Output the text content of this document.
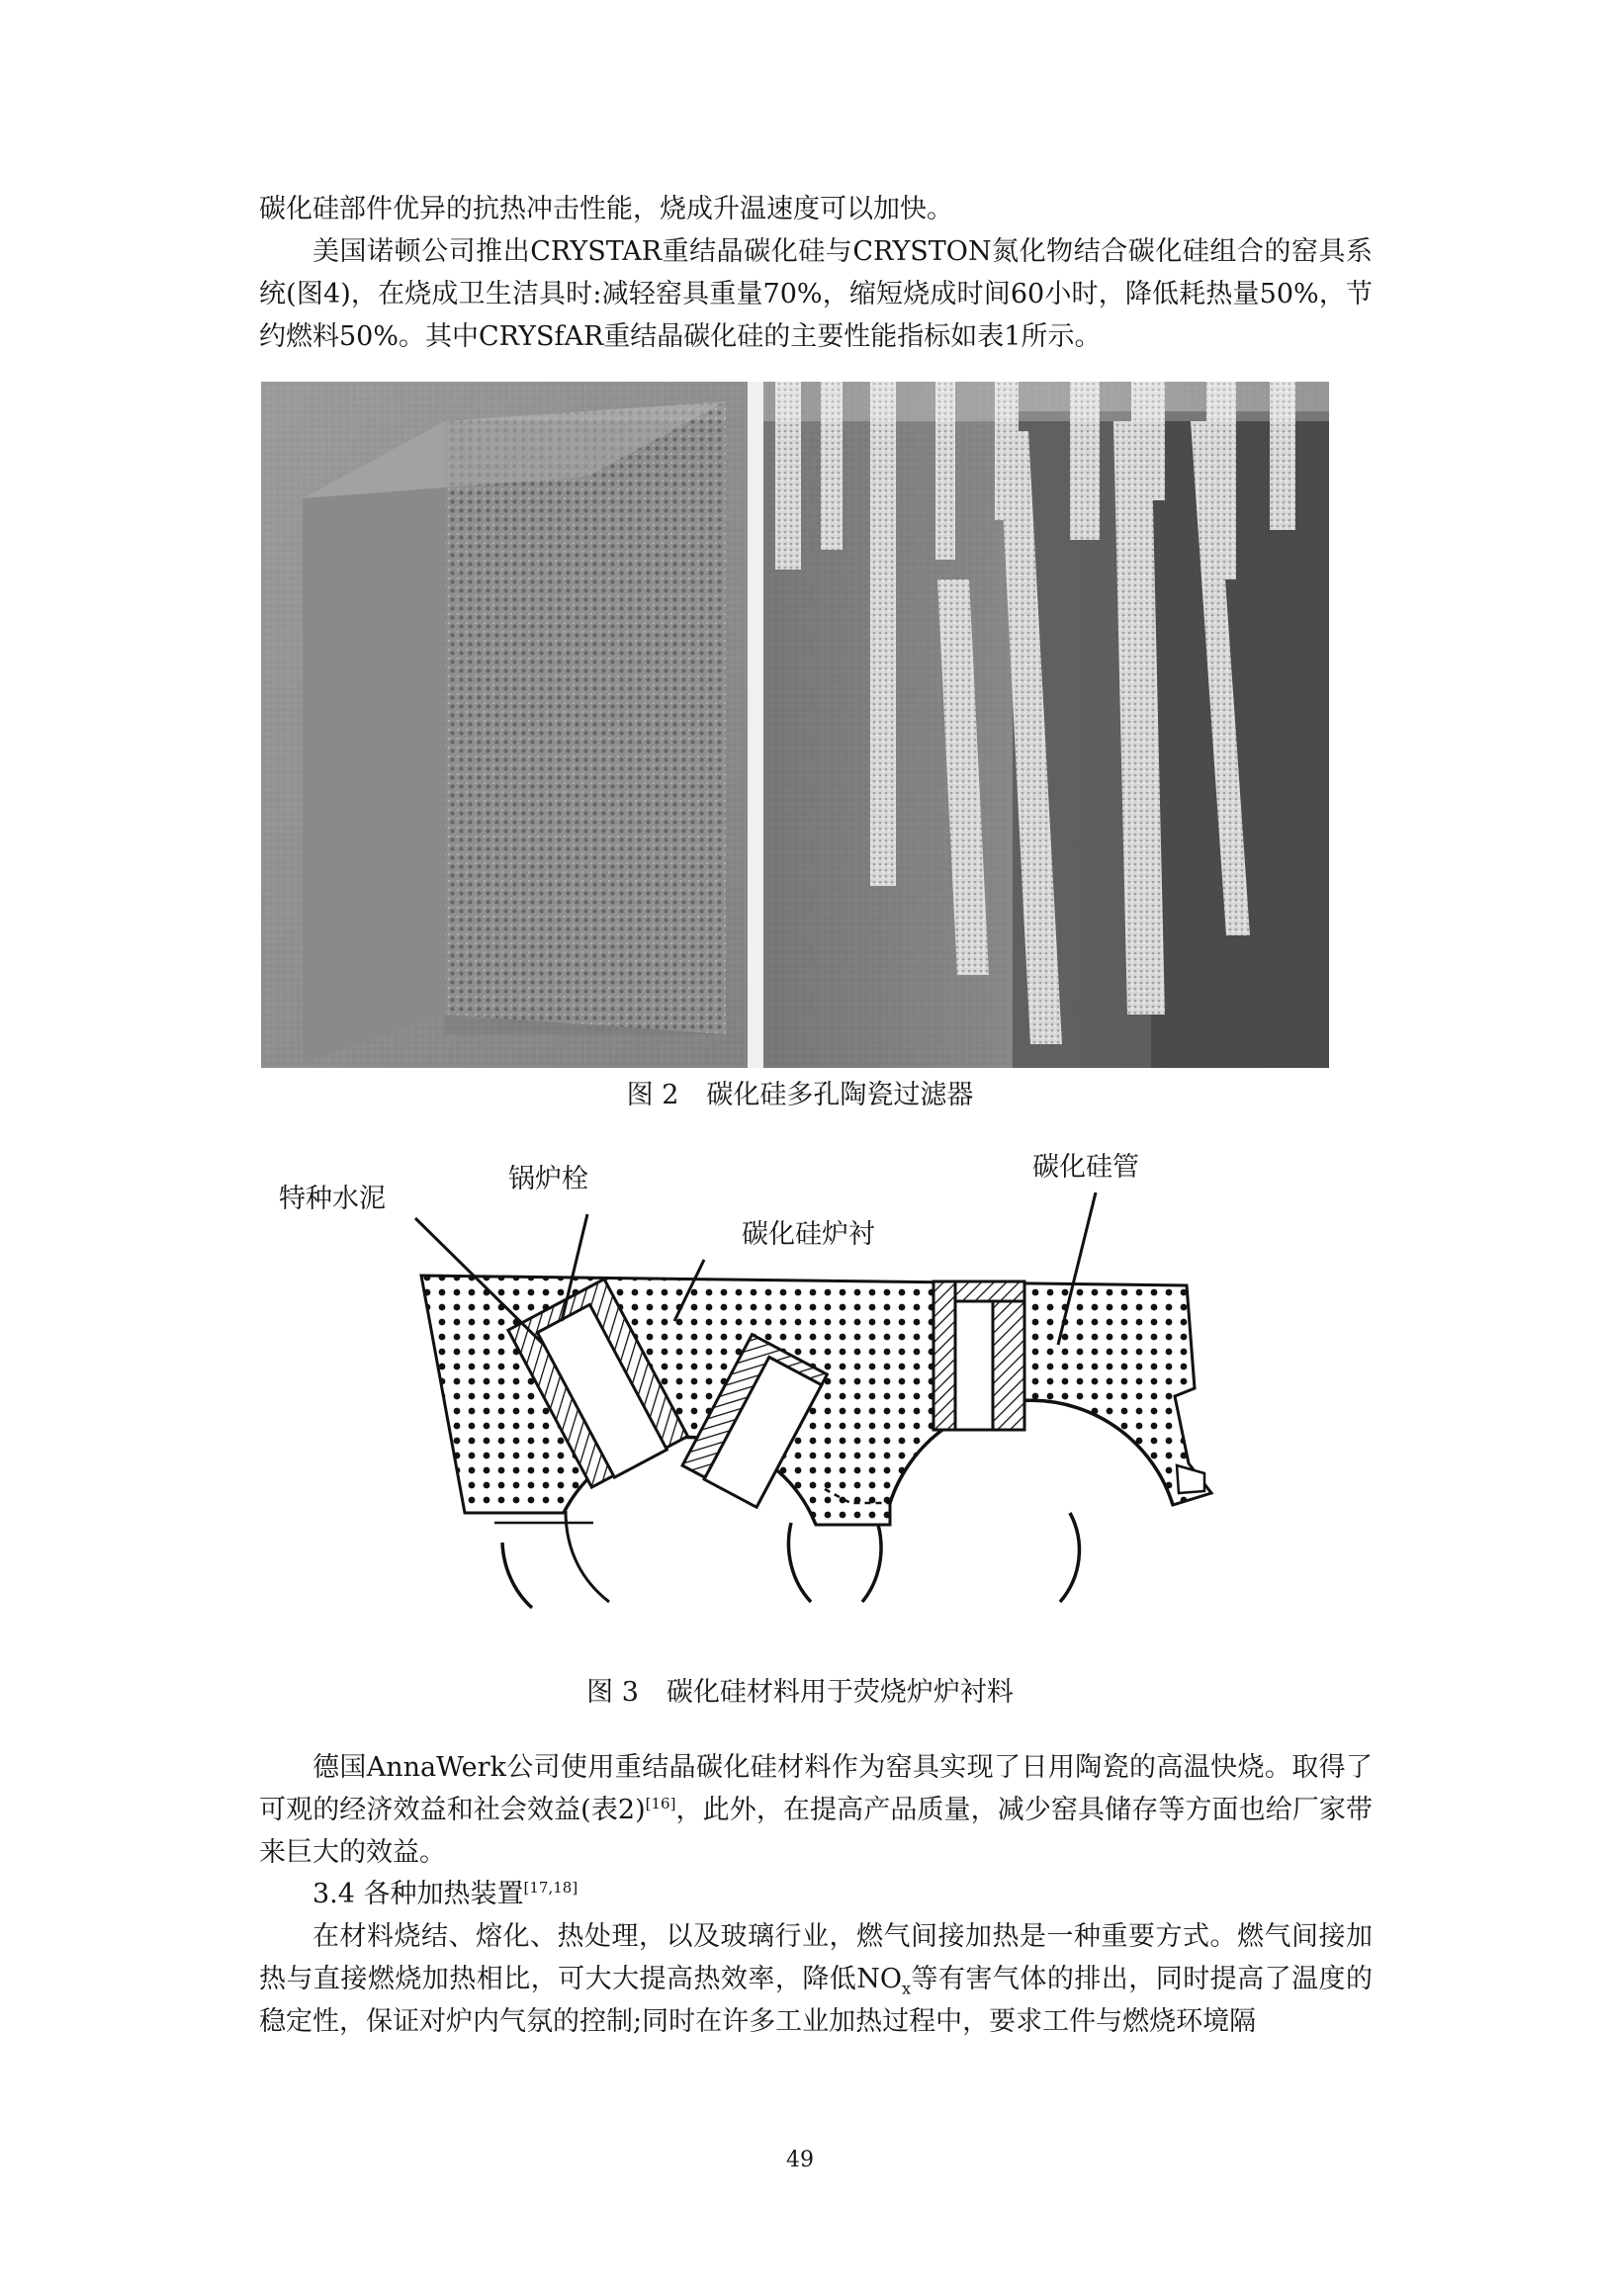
碳化硅部件优异的抗热冲击性能，烧成升温速度可以加快。

美国诺顿公司推出CRYSTAR重结晶碳化硅与CRYSTON氮化物结合碳化硅组合的窑具系统(图4)，在烧成卫生洁具时:减轻窑具重量70%，缩短烧成时间60小时，降低耗热量50%，节约燃料50%。其中CRYSfAR重结晶碳化硅的主要性能指标如表1所示。

图 2 碳化硅多孔陶瓷过滤器
特种水泥
锅炉栓
碳化硅炉衬
碳化硅管
图 3 碳化硅材料用于荧烧炉炉衬料

德国AnnaWerk公司使用重结晶碳化硅材料作为窑具实现了日用陶瓷的高温快烧。取得了可观的经济效益和社会效益(表2)[16]，此外，在提高产品质量，减少窑具储存等方面也给厂家带来巨大的效益。

3.4 各种加热装置[17,18]

在材料烧结、熔化、热处理，以及玻璃行业，燃气间接加热是一种重要方式。燃气间接加热与直接燃烧加热相比，可大大提高热效率，降低$NO_x$等有害气体的排出，同时提高了温度的稳定性，保证对炉内气氛的控制;同时在许多工业加热过程中，要求工件与燃烧环境隔

49
